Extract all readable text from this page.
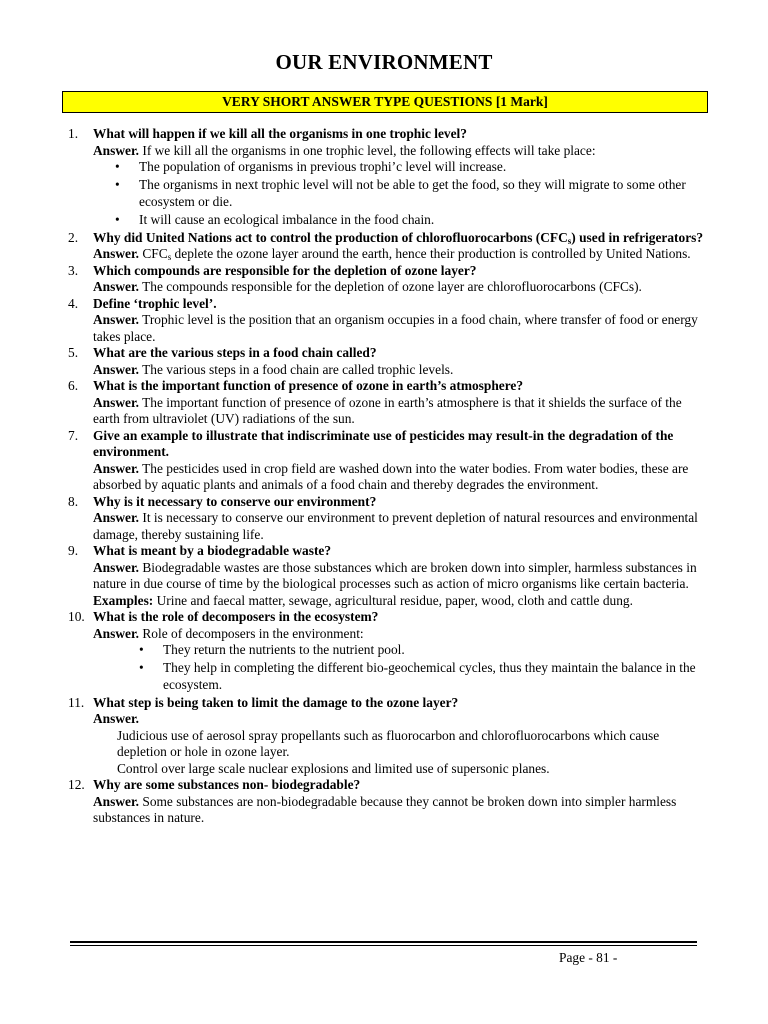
OUR ENVIRONMENT
VERY SHORT ANSWER TYPE QUESTIONS [1 Mark]
1.	What will happen if we kill all the organisms in one trophic level?
Answer. If we kill all the organisms in one trophic level, the following effects will take place:
• The population of organisms in previous trophi’c level will increase.
• The organisms in next trophic level will not be able to get the food, so they will migrate to some other ecosystem or die.
• It will cause an ecological imbalance in the food chain.
2.	Why did United Nations act to control the production of chlorofluorocarbons $(CFC_s)$ used in refrigerators?
Answer. $CFC_s$ deplete the ozone layer around the earth, hence their production is controlled by United Nations.
3.	Which compounds are responsible for the depletion of ozone layer?
Answer. The compounds responsible for the depletion of ozone layer are chlorofluorocarbons (CFCs).
4.	Define ‘trophic level’.
Answer. Trophic level is the position that an organism occupies in a food chain, where transfer of food or energy takes place.
5.	What are the various steps in a food chain called?
Answer. The various steps in a food chain are called trophic levels.
6.	What is the important function of presence of ozone in earth’s atmosphere?
Answer. The important function of presence of ozone in earth’s atmosphere is that it shields the surface of the earth from ultraviolet (UV) radiations of the sun.
7.	Give an example to illustrate that indiscriminate use of pesticides may result-in the degradation of the environment.
Answer. The pesticides used in crop field are washed down into the water bodies. From water bodies, these are absorbed by aquatic plants and animals of a food chain and thereby degrades the environment.
8.	Why is it necessary to conserve our environment?
Answer. It is necessary to conserve our environment to prevent depletion of natural resources and environmental damage, thereby sustaining life.
9.	What is meant by a biodegradable waste?
Answer. Biodegradable wastes are those substances which are broken down into simpler, harmless substances in nature in due course of time by the biological processes such as action of micro organisms like certain bacteria.
Examples: Urine and faecal matter, sewage, agricultural residue, paper, wood, cloth and cattle dung.
10. What is the role of decomposers in the ecosystem?
Answer. Role of decomposers in the environment:
• They return the nutrients to the nutrient pool.
• They help in completing the different bio-geochemical cycles, thus they maintain the balance in the ecosystem.
11. What step is being taken to limit the damage to the ozone layer?
Answer.
Judicious use of aerosol spray propellants such as fluorocarbon and chlorofluorocarbons which cause depletion or hole in ozone layer.
Control over large scale nuclear explosions and limited use of supersonic planes.
12. Why are some substances non- biodegradable?
Answer. Some substances are non-biodegradable because they cannot be broken down into simpler harmless substances in nature.
Page - 81 -
